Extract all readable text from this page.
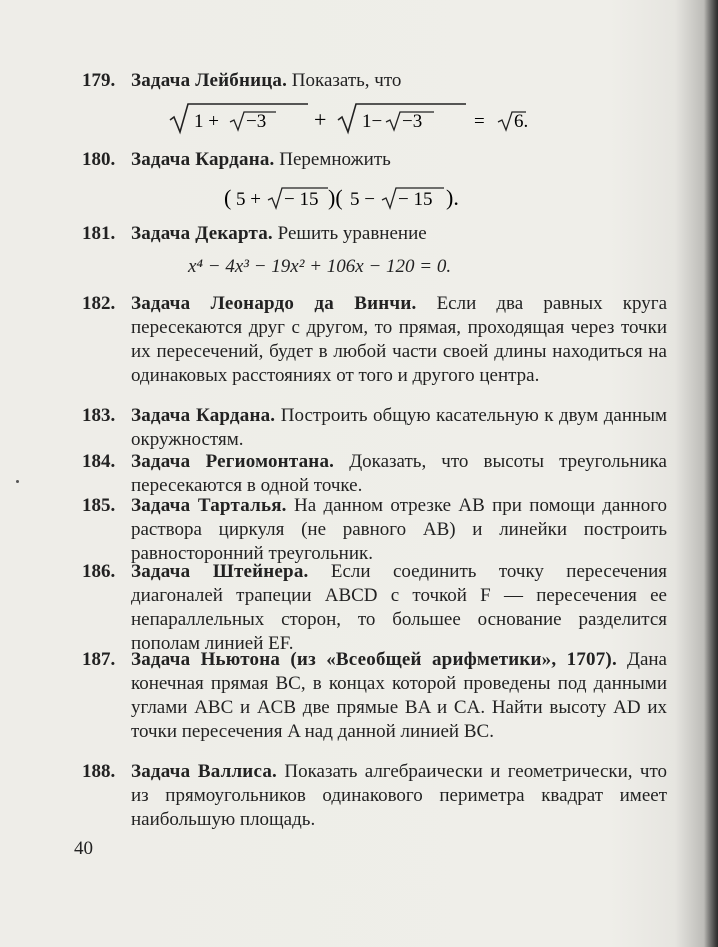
179. Задача Лейбница. Показать, что
1 + −3 + 1− −3	= 6.
180. Задача Кардана. Перемножить
( 5 + − 15 )( 5 − − 15 ).
181. Задача Декарта. Решить уравнение
x⁴ − 4x³ − 19x² + 106x − 120 = 0.
182. Задача Леонардо да Винчи. Если два равных круга пересекаются друг с другом, то прямая, проходящая через точки их пересечений, будет в любой части своей длины находиться на одинаковых расстояниях от того и другого центра.
183. Задача Кардана. Построить общую касательную к двум данным окружностям.
184. Задача Региомонтана. Доказать, что высоты треугольника пересекаются в одной точке.
185. Задача Тарталья. На данном отрезке AB при помощи данного раствора циркуля (не равного AB) и линейки построить равносторонний треугольник.
186. Задача Штейнера. Если соединить точку пересечения диагоналей трапеции ABCD с точкой F — пересечения ее непараллельных сторон, то большее основание разделится пополам линией EF.
187. Задача Ньютона (из «Всеобщей арифметики», 1707). Дана конечная прямая BC, в концах которой проведены под данными углами ABC и ACB две прямые BA и CA. Найти высоту AD их точки пересечения A над данной линией BC.
188. Задача Валлиса. Показать алгебраически и геометрически, что из прямоугольников одинакового периметра квадрат имеет наибольшую площадь.
40
